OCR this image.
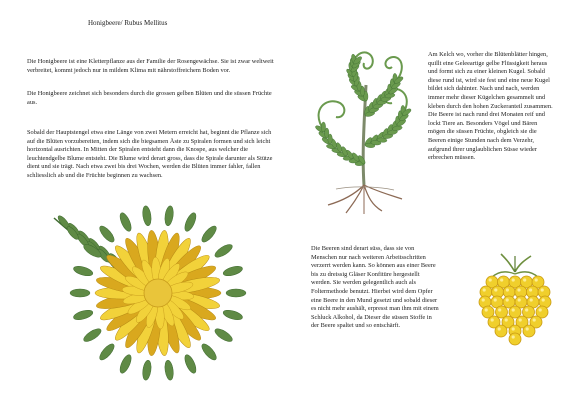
Honigbeere/ Rubus Mellitus

Die Honigbeere ist eine Kletterpflanze aus der Familie der Rosengewächse. Sie ist zwar weltweit verbreitet, kommt jedoch nur in mildem Klima mit nährstoffreichem Boden vor.

Die Honigbeere zeichnet sich besonders durch die grossen gelben Blüten und die süssen Früchte aus.

Sobald der Hauptstengel etwa eine Länge von zwei Metern erreicht hat, beginnt die Pflanze sich auf die Blüten vorzubereiten, indem sich die biegsamen Äste zu Spiralen formen und sich leicht horizontal ausrichten. In Mitten der Spiralen entsteht dann die Knospe, aus welcher die leuchtendgelbe Blume entsteht. Die Blume wird derart gross, dass die Spirale darunter als Stütze dient und sie trägt. Nach etwa zwei bis drei Wochen, werden die Blüten immer fahler, fallen schliesslich ab und die Früchte beginnen zu wachsen.

Am Kelch wo, vorher die Blütenblätter hingen, quillt eine Geleeartige gelbe Flüssigkeit heraus und formt sich zu einer kleinen Kugel. Sobald diese rund ist, wird sie fest und eine neue Kugel bildet sich dahinter. Nach und nach, werden immer mehr dieser Kügelchen gesammelt und kleben durch den hohen Zuckeranteil zusammen. Die Beere ist nach rund drei Monaten reif und lockt Tiere an. Besonders Vögel und Bären mögen die süssen Früchte, obgleich sie die Beeren einige Stunden nach dem Verzehr, aufgrund ihrer unglaublichen Süsse wieder erbrechen müssen.

Die Beeren sind derart süss, dass sie von Menschen nur nach weiteren Arbeitsschritten verzerrt werden kann. So können aus einer Beere bis zu dreissig Gläser Konfitüre hergestellt werden. Sie werden gelegentlich auch als Foltermethode benutzt. Hierbei wird dem Opfer eine Beere in den Mund gesetzt und sobald dieser es nicht mehr aushält, erpresst man ihm mit einem Schluck Alkohol, da Dieser die süssen Stoffe in der Beere spaltet und so entschärft.
